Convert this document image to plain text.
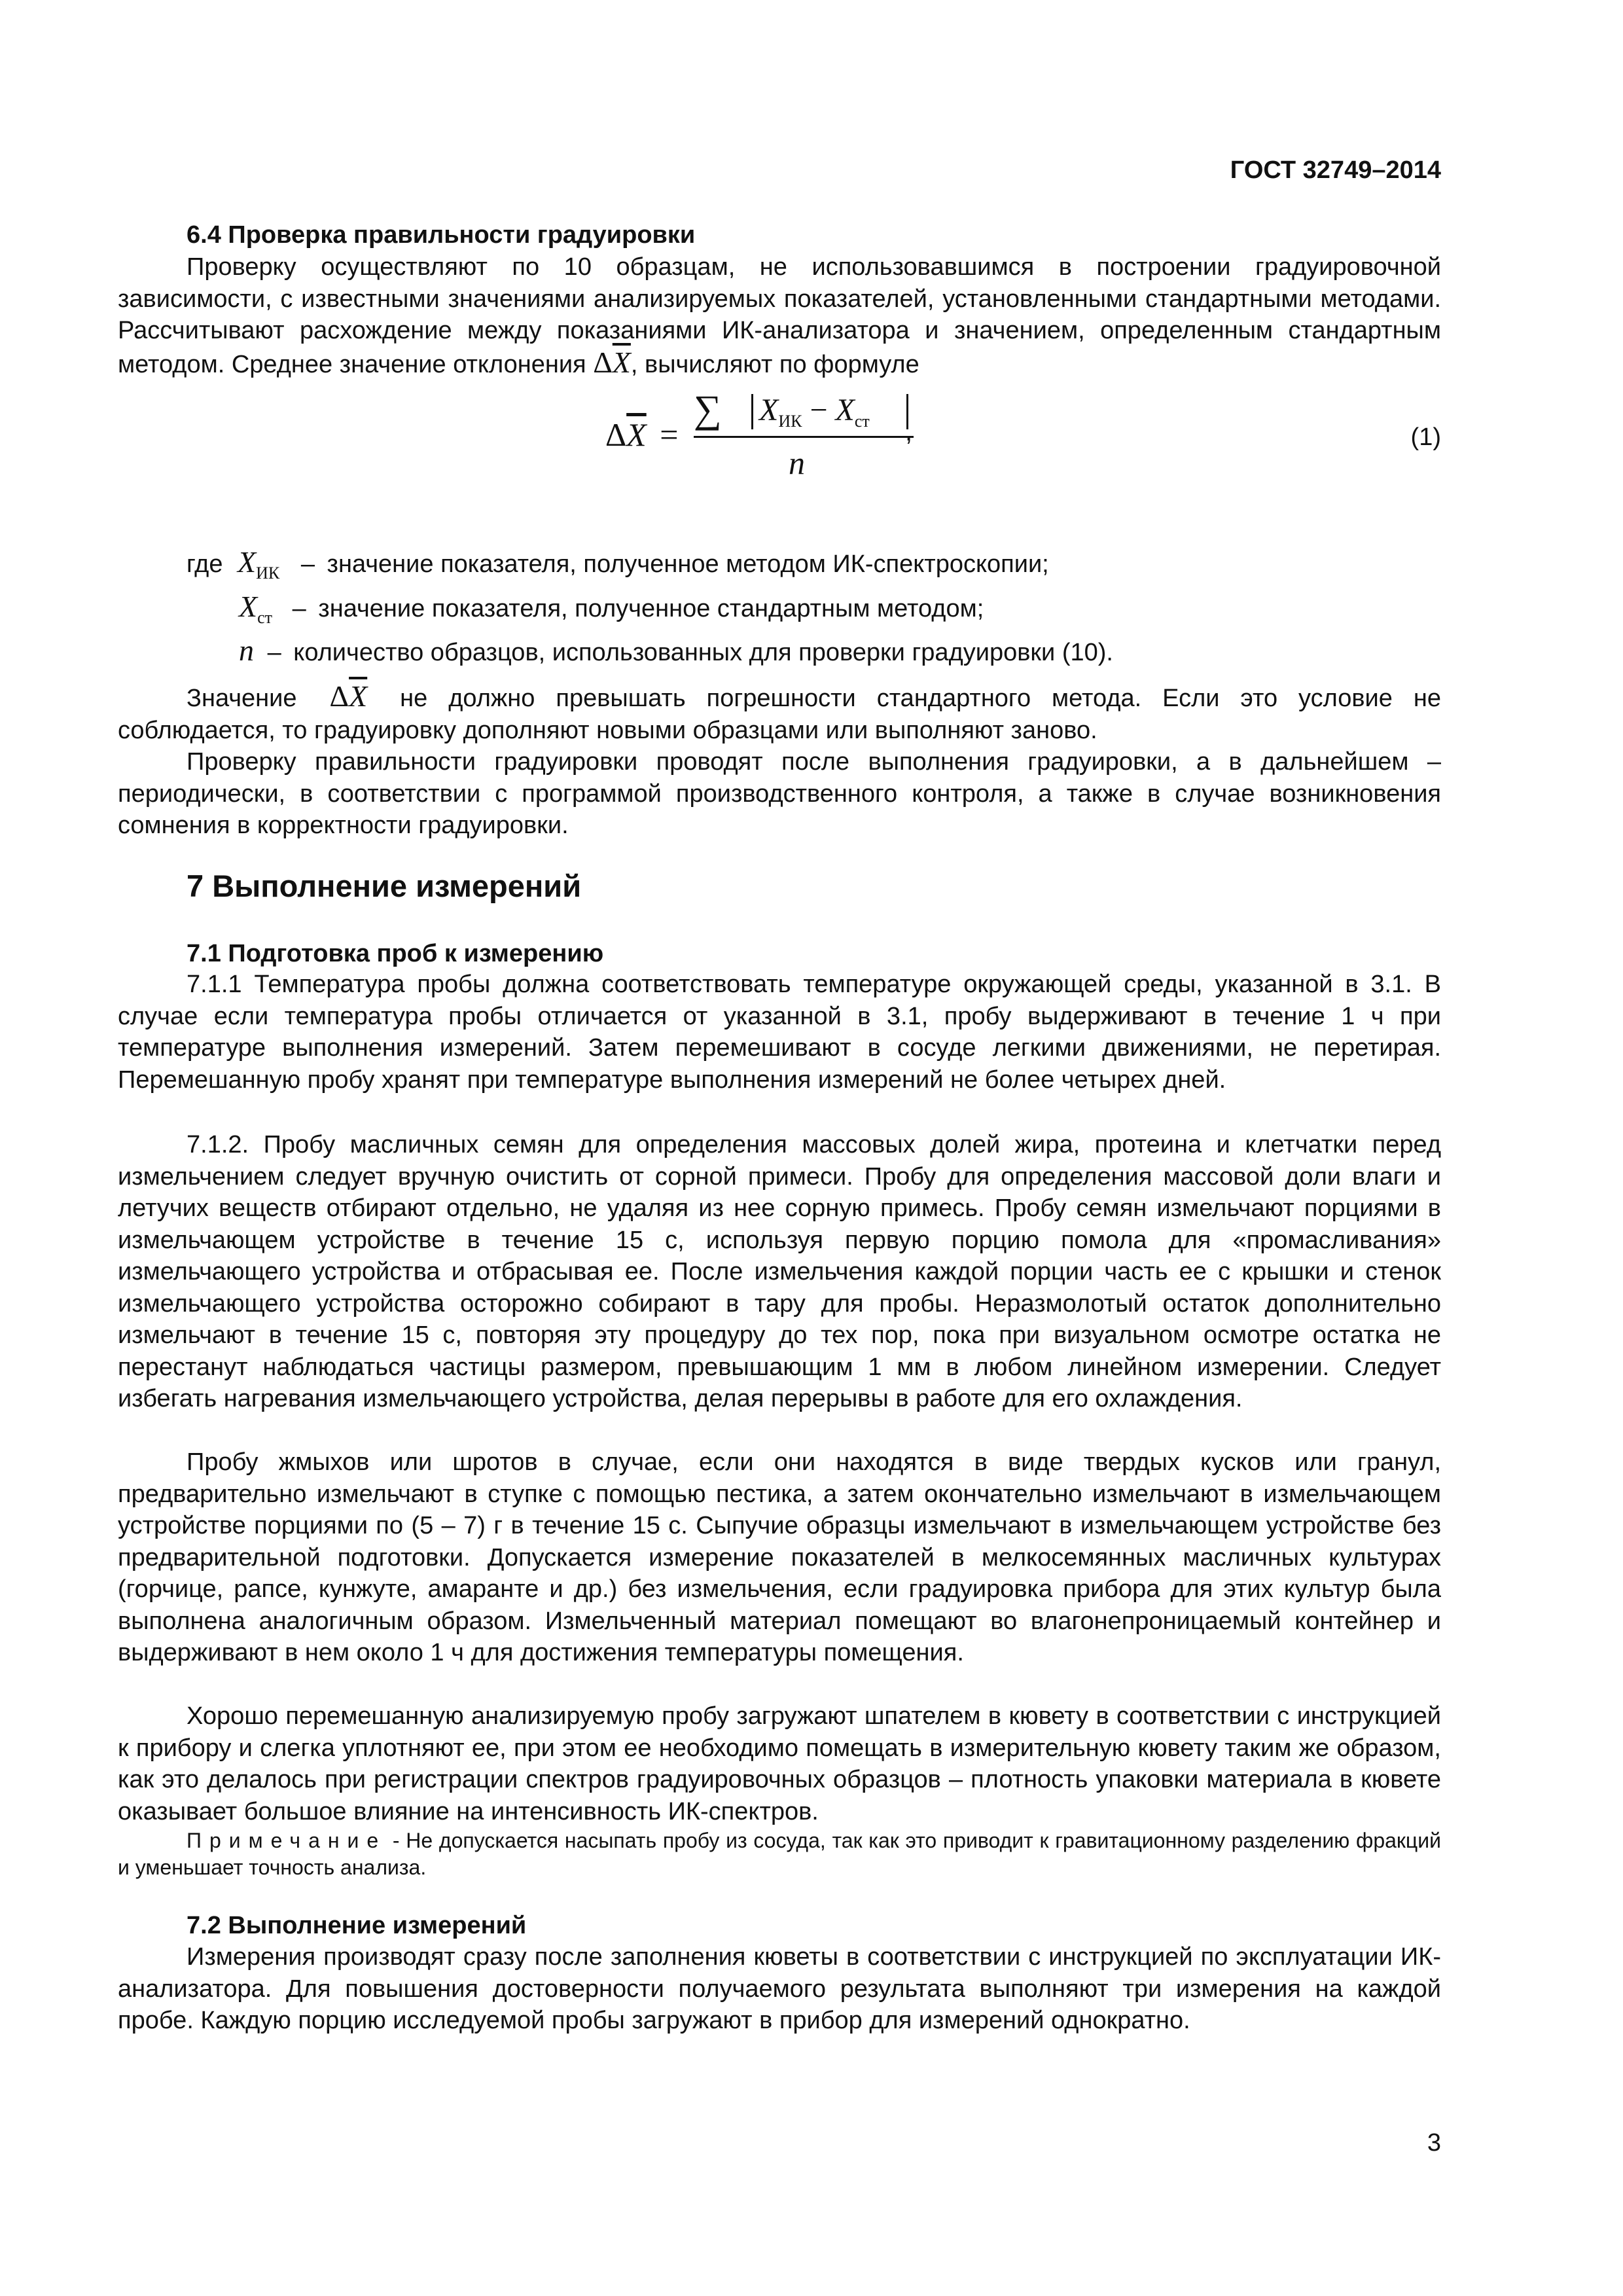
ГОСТ 32749–2014
6.4 Проверка правильности градуировки

Проверку осуществляют по 10 образцам, не использовавшимся в построении градуировочной зависимости, с известными значениями анализируемых показателей, установленными стандартными методами. Рассчитывают расхождение между показаниями ИК-анализатора и значением, определенным стандартным методом. Среднее значение отклонения $\Delta\overline{X}$, вычисляют по формуле

$\Delta\overline{X}$ =
∑ $X_{ИК} - X_{ст}$
n
,	(1)
где $X_{ИК}$ – значение показателя, полученное методом ИК-спектроскопии;
$X_{ст}$ – значение показателя, полученное стандартным методом;
n – количество образцов, использованных для проверки градуировки (10).

Значение $\Delta\overline{X}$ не должно превышать погрешности стандартного метода. Если это условие не соблюдается, то градуировку дополняют новыми образцами или выполняют заново.

Проверку правильности градуировки проводят после выполнения градуировки, а в дальнейшем – периодически, в соответствии с программой производственного контроля, а также в случае возникновения сомнения в корректности градуировки.

7 Выполнение измерений
7.1 Подготовка проб к измерению

7.1.1 Температура пробы должна соответствовать температуре окружающей среды, указанной в 3.1. В случае если температура пробы отличается от указанной в 3.1, пробу выдерживают в течение 1 ч при температуре выполнения измерений. Затем перемешивают в сосуде легкими движениями, не перетирая. Перемешанную пробу хранят при температуре выполнения измерений не более четырех дней.

7.1.2. Пробу масличных семян для определения массовых долей жира, протеина и клетчатки перед измельчением следует вручную очистить от сорной примеси. Пробу для определения массовой доли влаги и летучих веществ отбирают отдельно, не удаляя из нее сорную примесь. Пробу семян измельчают порциями в измельчающем устройстве в течение 15 с, используя первую порцию помола для «промасливания» измельчающего устройства и отбрасывая ее. После измельчения каждой порции часть ее с крышки и стенок измельчающего устройства осторожно собирают в тару для пробы. Неразмолотый остаток дополнительно измельчают в течение 15 с, повторяя эту процедуру до тех пор, пока при визуальном осмотре остатка не перестанут наблюдаться частицы размером, превышающим 1 мм в любом линейном измерении. Следует избегать нагревания измельчающего устройства, делая перерывы в работе для его охлаждения.

Пробу жмыхов или шротов в случае, если они находятся в виде твердых кусков или гранул, предварительно измельчают в ступке с помощью пестика, а затем окончательно измельчают в измельчающем устройстве порциями по (5 – 7) г в течение 15 с. Сыпучие образцы измельчают в измельчающем устройстве без предварительной подготовки. Допускается измерение показателей в мелкосемянных масличных культурах (горчице, рапсе, кунжуте, амаранте и др.) без измельчения, если градуировка прибора для этих культур была выполнена аналогичным образом. Измельченный материал помещают во влагонепроницаемый контейнер и выдерживают в нем около 1 ч для достижения температуры помещения.

Хорошо перемешанную анализируемую пробу загружают шпателем в кювету в соответствии с инструкцией к прибору и слегка уплотняют ее, при этом ее необходимо помещать в измерительную кювету таким же образом, как это делалось при регистрации спектров градуировочных образцов – плотность упаковки материала в кювете оказывает большое влияние на интенсивность ИК-спектров.

Примечание - Не допускается насыпать пробу из сосуда, так как это приводит к гравитационному разделению фракций и уменьшает точность анализа.

7.2 Выполнение измерений

Измерения производят сразу после заполнения кюветы в соответствии с инструкцией по эксплуатации ИК-анализатора. Для повышения достоверности получаемого результата выполняют три измерения на каждой пробе. Каждую порцию исследуемой пробы загружают в прибор для измерений однократно.

3
